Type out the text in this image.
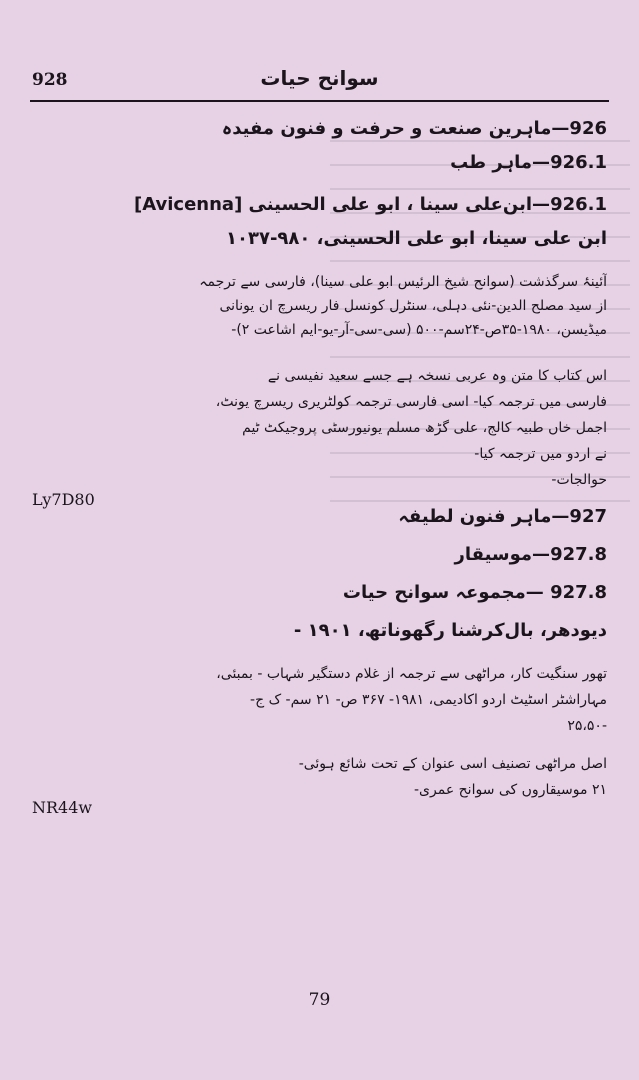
928	سوانح حیات
926—ماہرین صنعت و حرفت و فنون مفیدہ
926.1—ماہر طب
926.1—ابن‌علی سینا ، ابو علی الحسینی [Avicenna]
ابن علی سینا، ابو علی الحسینی، ۹۸۰-۱۰۳۷
آئینۂ سرگذشت (سوانح شیخ الرئیس ابو علی سینا)، فارسی سے ترجمہ
از سید مصلح الدین-نئی دہلی، سنٹرل کونسل فار ریسرچ ان یونانی
میڈیسن، ۱۹۸۰-۳۵ص-۲۴سم-۵۰۰ (سی-سی-آر-یو-ایم اشاعت ۲)-
اس کتاب کا متن وہ عربی نسخہ ہے جسے سعید نفیسی نے
فارسی میں ترجمہ کیا- اسی فارسی ترجمہ کولٹریری ریسرچ یونٹ،
اجمل خاں طبیہ کالج، علی گڑھ مسلم یونیورسٹی پروجیکٹ ٹیم
نے اردو میں ترجمہ کیا-
حوالجات-
Ly7D80
927—ماہر فنون لطیفہ
927.8—موسیقار
927.8 —مجموعہ سوانح حیات
دیودھر، بال‌کرشنا رگھوناتھ، ۱۹۰۱ -
تھور سنگیت کار، مراٹھی سے ترجمہ از غلام دستگیر شہاب - بمبئی،
مہاراشٹر اسٹیٹ اردو اکادیمی، ۱۹۸۱- ۳۶۷ ص- ۲۱ سم- ک ج-
۲۵،۵۰-
اصل مراٹھی تصنیف اسی عنوان کے تحت شائع ہوئی-
۲۱ موسیقاروں کی سوانح عمری-
NR44w
79
